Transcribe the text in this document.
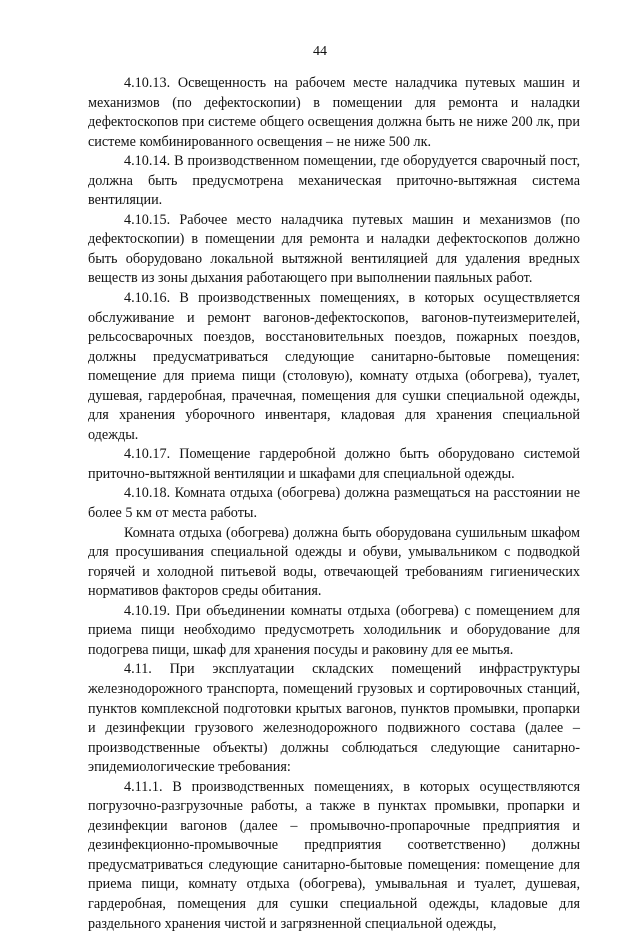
44

4.10.13. Освещенность на рабочем месте наладчика путевых машин и механизмов (по дефектоскопии) в помещении для ремонта и наладки дефектоскопов при системе общего освещения должна быть не ниже 200 лк, при системе комбинированного освещения – не ниже 500 лк.

4.10.14. В производственном помещении, где оборудуется сварочный пост, должна быть предусмотрена механическая приточно-вытяжная система вентиляции.

4.10.15. Рабочее место наладчика путевых машин и механизмов (по дефектоскопии) в помещении для ремонта и наладки дефектоскопов должно быть оборудовано локальной вытяжной вентиляцией для удаления вредных веществ из зоны дыхания работающего при выполнении паяльных работ.

4.10.16. В производственных помещениях, в которых осуществляется обслуживание и ремонт вагонов-дефектоскопов, вагонов-путеизмерителей, рельсосварочных поездов, восстановительных поездов, пожарных поездов, должны предусматриваться следующие санитарно-бытовые помещения: помещение для приема пищи (столовую), комнату отдыха (обогрева), туалет, душевая, гардеробная, прачечная, помещения для сушки специальной одежды, для хранения уборочного инвентаря, кладовая для хранения специальной одежды.

4.10.17. Помещение гардеробной должно быть оборудовано системой приточно-вытяжной вентиляции и шкафами для специальной одежды.

4.10.18. Комната отдыха (обогрева) должна размещаться на расстоянии не более 5 км от места работы.

Комната отдыха (обогрева) должна быть оборудована сушильным шкафом для просушивания специальной одежды и обуви, умывальником с подводкой горячей и холодной питьевой воды, отвечающей требованиям гигиенических нормативов факторов среды обитания.

4.10.19. При объединении комнаты отдыха (обогрева) с помещением для приема пищи необходимо предусмотреть холодильник и оборудование для подогрева пищи, шкаф для хранения посуды и раковину для ее мытья.

4.11. При эксплуатации складских помещений инфраструктуры железнодорожного транспорта, помещений грузовых и сортировочных станций, пунктов комплексной подготовки крытых вагонов, пунктов промывки, пропарки и дезинфекции грузового железнодорожного подвижного состава (далее – производственные объекты) должны соблюдаться следующие санитарно-эпидемиологические требования:

4.11.1. В производственных помещениях, в которых осуществляются погрузочно-разгрузочные работы, а также в пунктах промывки, пропарки и дезинфекции вагонов (далее – промывочно-пропарочные предприятия и дезинфекционно-промывочные предприятия соответственно) должны предусматриваться следующие санитарно-бытовые помещения: помещение для приема пищи, комнату отдыха (обогрева), умывальная и туалет, душевая, гардеробная, помещения для сушки специальной одежды, кладовые для раздельного хранения чистой и загрязненной специальной одежды,
